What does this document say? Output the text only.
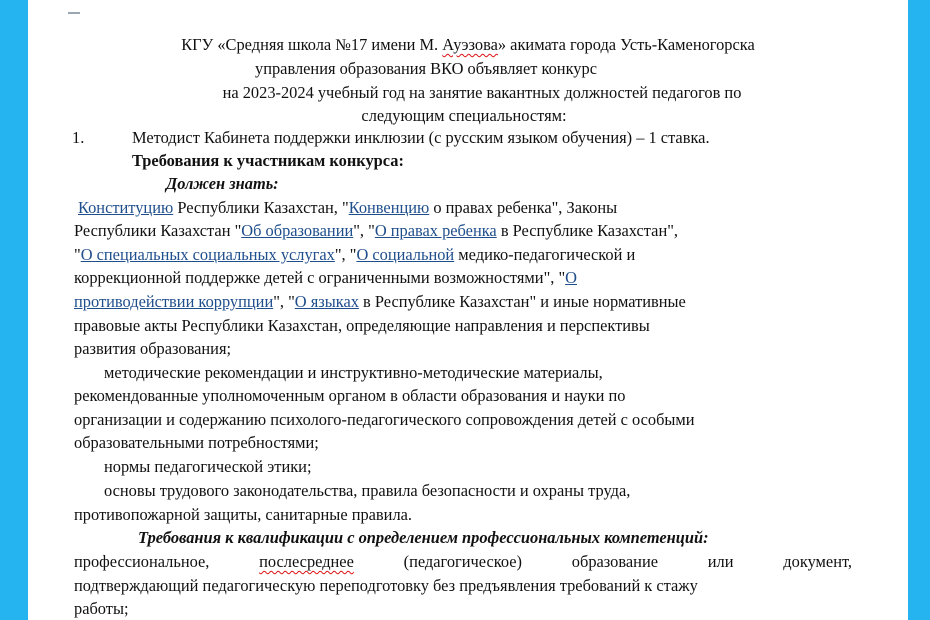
КГУ «Средняя школа №17 имени М. Ауэзова» акимата города Усть-Каменогорска
управления образования ВКО объявляет конкурс
на 2023-2024 учебный год на занятие вакантных должностей педагогов по
следующим специальностям:
1.	Методист Кабинета поддержки инклюзии (с русским языком обучения) – 1 ставка.
Требования к участникам конкурса:
Должен знать:
Конституцию Республики Казахстан, "Конвенцию о правах ребенка", Законы
Республики Казахстан "Об образовании", "О правах ребенка в Республике Казахстан",
"О специальных социальных услугах", "О социальной медико-педагогической и
коррекционной поддержке детей с ограниченными возможностями", "О
противодействии коррупции", "О языках в Республике Казахстан" и иные нормативные
правовые акты Республики Казахстан, определяющие направления и перспективы
развития образования;
методические рекомендации и инструктивно-методические материалы,
рекомендованные уполномоченным органом в области образования и науки по
организации и содержанию психолого-педагогического сопровождения детей с особыми
образовательными потребностями;
нормы педагогической этики;
основы трудового законодательства, правила безопасности и охраны труда,
противопожарной защиты, санитарные правила.
Требования к квалификации с определением профессиональных компетенций:
профессиональное, послесреднее (педагогическое) образование или документ,
подтверждающий педагогическую переподготовку без предъявления требований к стажу
работы;
